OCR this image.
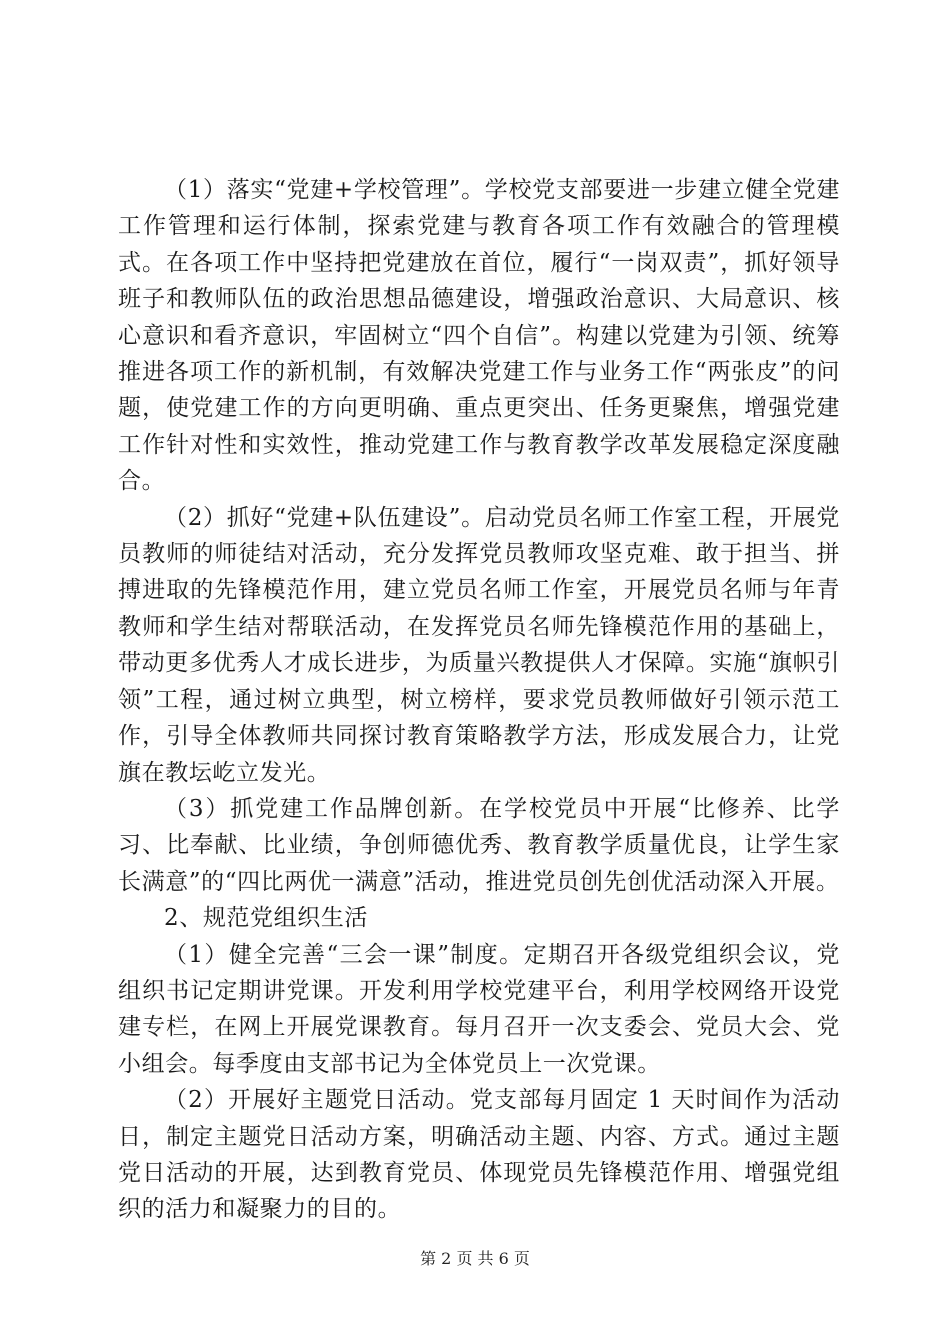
（1）落实“党建+学校管理”。学校党支部要进一步建立健全党建工作管理和运行体制，探索党建与教育各项工作有效融合的管理模式。在各项工作中坚持把党建放在首位，履行“一岗双责”，抓好领导班子和教师队伍的政治思想品德建设，增强政治意识、大局意识、核心意识和看齐意识，牢固树立“四个自信”。构建以党建为引领、统筹推进各项工作的新机制，有效解决党建工作与业务工作“两张皮”的问题，使党建工作的方向更明确、重点更突出、任务更聚焦，增强党建工作针对性和实效性，推动党建工作与教育教学改革发展稳定深度融合。

（2）抓好“党建+队伍建设”。启动党员名师工作室工程，开展党员教师的师徒结对活动，充分发挥党员教师攻坚克难、敢于担当、拼搏进取的先锋模范作用，建立党员名师工作室，开展党员名师与年青教师和学生结对帮联活动，在发挥党员名师先锋模范作用的基础上，带动更多优秀人才成长进步，为质量兴教提供人才保障。实施“旗帜引领”工程，通过树立典型，树立榜样，要求党员教师做好引领示范工作，引导全体教师共同探讨教育策略教学方法，形成发展合力，让党旗在教坛屹立发光。

（3）抓党建工作品牌创新。在学校党员中开展“比修养、比学习、比奉献、比业绩，争创师德优秀、教育教学质量优良，让学生家长满意”的“四比两优一满意”活动，推进党员创先创优活动深入开展。

2、规范党组织生活

（1）健全完善“三会一课”制度。定期召开各级党组织会议，党组织书记定期讲党课。开发利用学校党建平台，利用学校网络开设党建专栏，在网上开展党课教育。每月召开一次支委会、党员大会、党小组会。每季度由支部书记为全体党员上一次党课。

（2）开展好主题党日活动。党支部每月固定 1 天时间作为活动日，制定主题党日活动方案，明确活动主题、内容、方式。通过主题党日活动的开展，达到教育党员、体现党员先锋模范作用、增强党组织的活力和凝聚力的目的。

第 2 页 共 6 页
